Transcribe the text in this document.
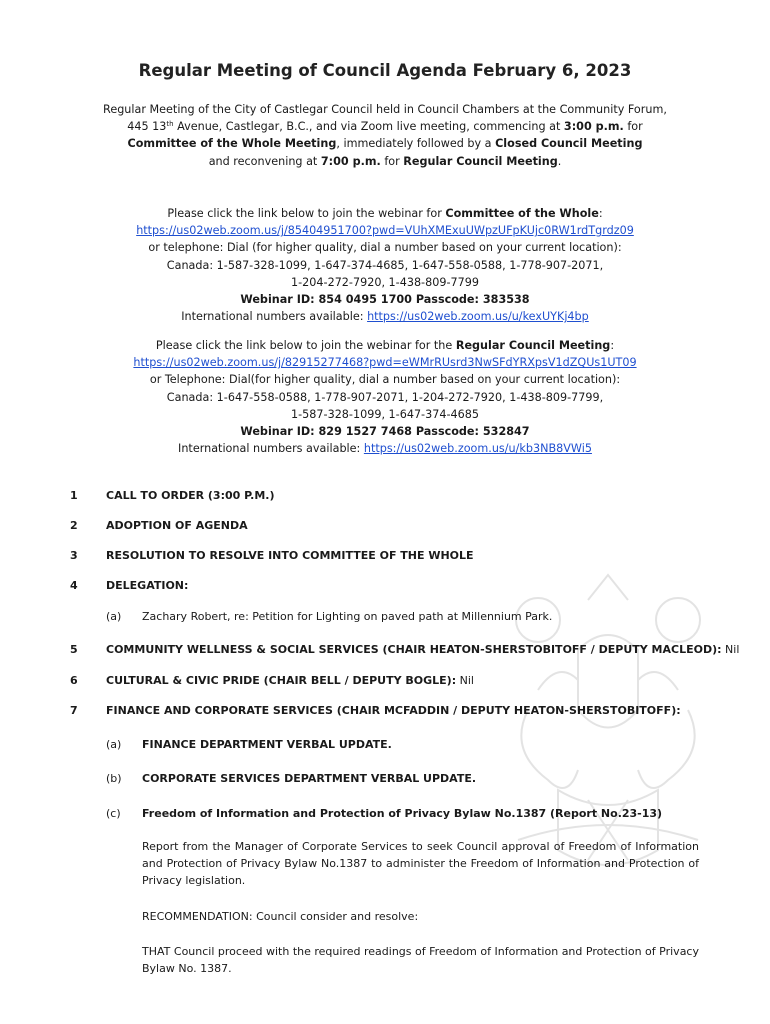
Regular Meeting of Council Agenda February 6, 2023
Regular Meeting of the City of Castlegar Council held in Council Chambers at the Community Forum,
445 13th Avenue, Castlegar, B.C., and via Zoom live meeting, commencing at 3:00 p.m. for
Committee of the Whole Meeting, immediately followed by a Closed Council Meeting
and reconvening at 7:00 p.m. for Regular Council Meeting.
Please click the link below to join the webinar for Committee of the Whole:
https://us02web.zoom.us/j/85404951700?pwd=VUhXMExuUWpzUFpKUjc0RW1rdTgrdz09
or telephone: Dial (for higher quality, dial a number based on your current location):
Canada: 1-587-328-1099, 1-647-374-4685, 1-647-558-0588, 1-778-907-2071,
1-204-272-7920, 1-438-809-7799
Webinar ID: 854 0495 1700 Passcode: 383538
International numbers available: https://us02web.zoom.us/u/kexUYKj4bp
Please click the link below to join the webinar for the Regular Council Meeting:
https://us02web.zoom.us/j/82915277468?pwd=eWMrRUsrd3NwSFdYRXpsV1dZQUs1UT09
or Telephone: Dial(for higher quality, dial a number based on your current location):
Canada: 1-647-558-0588, 1-778-907-2071, 1-204-272-7920, 1-438-809-7799,
1-587-328-1099, 1-647-374-4685
Webinar ID: 829 1527 7468 Passcode: 532847
International numbers available: https://us02web.zoom.us/u/kb3NB8VWi5
1	CALL TO ORDER (3:00 P.M.)
2	ADOPTION OF AGENDA
3	RESOLUTION TO RESOLVE INTO COMMITTEE OF THE WHOLE
4	DELEGATION:
(a) Zachary Robert, re: Petition for Lighting on paved path at Millennium Park.
5	COMMUNITY WELLNESS & SOCIAL SERVICES (CHAIR HEATON-SHERSTOBITOFF / DEPUTY MACLEOD): Nil
6	CULTURAL & CIVIC PRIDE (CHAIR BELL / DEPUTY BOGLE): Nil
7	FINANCE AND CORPORATE SERVICES (CHAIR MCFADDIN / DEPUTY HEATON-SHERSTOBITOFF):
(a) FINANCE DEPARTMENT VERBAL UPDATE.
(b) CORPORATE SERVICES DEPARTMENT VERBAL UPDATE.
(c) Freedom of Information and Protection of Privacy Bylaw No.1387 (Report No.23-13)
Report from the Manager of Corporate Services to seek Council approval of Freedom of Information and Protection of Privacy Bylaw No.1387 to administer the Freedom of Information and Protection of Privacy legislation.
RECOMMENDATION: Council consider and resolve:
THAT Council proceed with the required readings of Freedom of Information and Protection of Privacy Bylaw No. 1387.
